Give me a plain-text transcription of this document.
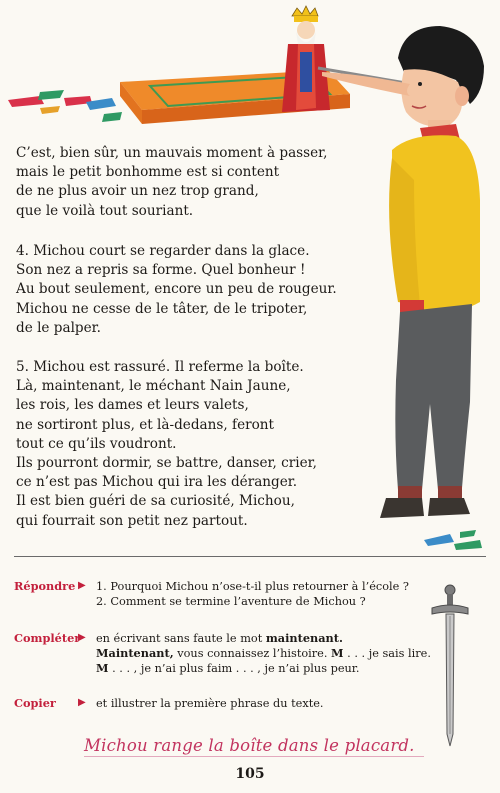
C’est, bien sûr, un mauvais moment à passer,
mais le petit bonhomme est si content
de ne plus avoir un nez trop grand,
que le voilà tout souriant.

4. Michou court se regarder dans la glace.
Son nez a repris sa forme. Quel bonheur !
Au bout seulement, encore un peu de rougeur.
Michou ne cesse de le tâter, de le tripoter,
de le palper.

5. Michou est rassuré. Il referme la boîte.
Là, maintenant, le méchant Nain Jaune,
les rois, les dames et leurs valets,
ne sortiront plus, et là-dedans, feront
tout ce qu’ils voudront.
Ils pourront dormir, se battre, danser, crier,
ce n’est pas Michou qui ira les déranger.
Il est bien guéri de sa curiosité, Michou,
qui fourrait son petit nez partout.

Répondre ▶ 1. Pourquoi Michou n’ose-t-il plus retourner à l’école ?
2. Comment se termine l’aventure de Michou ?
Compléter
▶ en écrivant sans faute le mot maintenant.
Maintenant, vous connaissez l’histoire. M . . . je sais lire.
M . . . , je n’ai plus faim . . . , je n’ai plus peur.
Copier ▶ et illustrer la première phrase du texte.
Michou range la boîte dans le placard.
105
